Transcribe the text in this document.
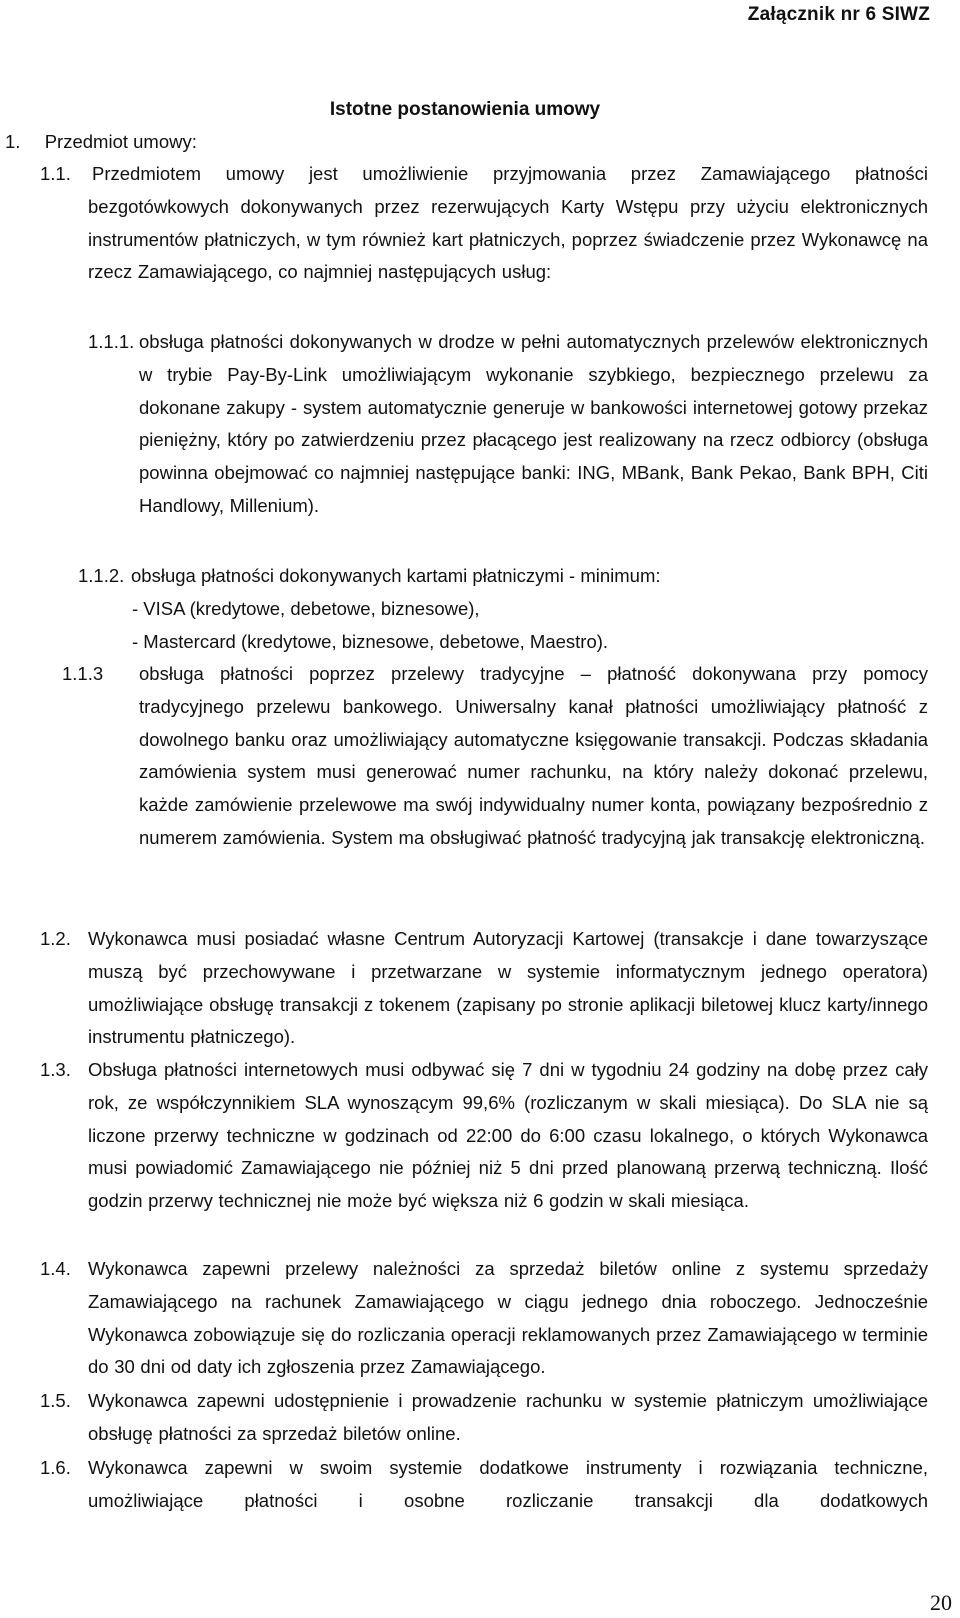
Załącznik nr 6 SIWZ
Istotne postanowienia umowy
1. Przedmiot umowy:
1.1. Przedmiotem umowy jest umożliwienie przyjmowania przez Zamawiającego płatności bezgotówkowych dokonywanych przez rezerwujących Karty Wstępu przy użyciu elektronicznych instrumentów płatniczych, w tym również kart płatniczych, poprzez świadczenie przez Wykonawcę na rzecz Zamawiającego, co najmniej następujących usług:
1.1.1. obsługa płatności dokonywanych w drodze w pełni automatycznych przelewów elektronicznych w trybie Pay-By-Link umożliwiającym wykonanie szybkiego, bezpiecznego przelewu za dokonane zakupy - system automatycznie generuje w bankowości internetowej gotowy przekaz pieniężny, który po zatwierdzeniu przez płacącego jest realizowany na rzecz odbiorcy (obsługa powinna obejmować co najmniej następujące banki: ING, MBank, Bank Pekao, Bank BPH, Citi Handlowy, Millenium).
1.1.2. obsługa płatności dokonywanych kartami płatniczymi - minimum:
- VISA (kredytowe, debetowe, biznesowe),
- Mastercard (kredytowe, biznesowe, debetowe, Maestro).
1.1.3 obsługa płatności poprzez przelewy tradycyjne – płatność dokonywana przy pomocy tradycyjnego przelewu bankowego. Uniwersalny kanał płatności umożliwiający płatność z dowolnego banku oraz umożliwiający automatyczne księgowanie transakcji. Podczas składania zamówienia system musi generować numer rachunku, na który należy dokonać przelewu, każde zamówienie przelewowe ma swój indywidualny numer konta, powiązany bezpośrednio z numerem zamówienia. System ma obsługiwać płatność tradycyjną jak transakcję elektroniczną.
1.2. Wykonawca musi posiadać własne Centrum Autoryzacji Kartowej (transakcje i dane towarzyszące muszą być przechowywane i przetwarzane w systemie informatycznym jednego operatora) umożliwiające obsługę transakcji z tokenem (zapisany po stronie aplikacji biletowej klucz karty/innego instrumentu płatniczego).
1.3. Obsługa płatności internetowych musi odbywać się 7 dni w tygodniu 24 godziny na dobę przez cały rok, ze współczynnikiem SLA wynoszącym 99,6% (rozliczanym w skali miesiąca). Do SLA nie są liczone przerwy techniczne w godzinach od 22:00 do 6:00 czasu lokalnego, o których Wykonawca musi powiadomić Zamawiającego nie później niż 5 dni przed planowaną przerwą techniczną. Ilość godzin przerwy technicznej nie może być większa niż 6 godzin w skali miesiąca.
1.4. Wykonawca zapewni przelewy należności za sprzedaż biletów online z systemu sprzedaży Zamawiającego na rachunek Zamawiającego w ciągu jednego dnia roboczego. Jednocześnie Wykonawca zobowiązuje się do rozliczania operacji reklamowanych przez Zamawiającego w terminie do 30 dni od daty ich zgłoszenia przez Zamawiającego.
1.5. Wykonawca zapewni udostępnienie i prowadzenie rachunku w systemie płatniczym umożliwiające obsługę płatności za sprzedaż biletów online.
1.6. Wykonawca zapewni w swoim systemie dodatkowe instrumenty i rozwiązania techniczne, umożliwiające płatności i osobne rozliczanie transakcji dla dodatkowych
20
